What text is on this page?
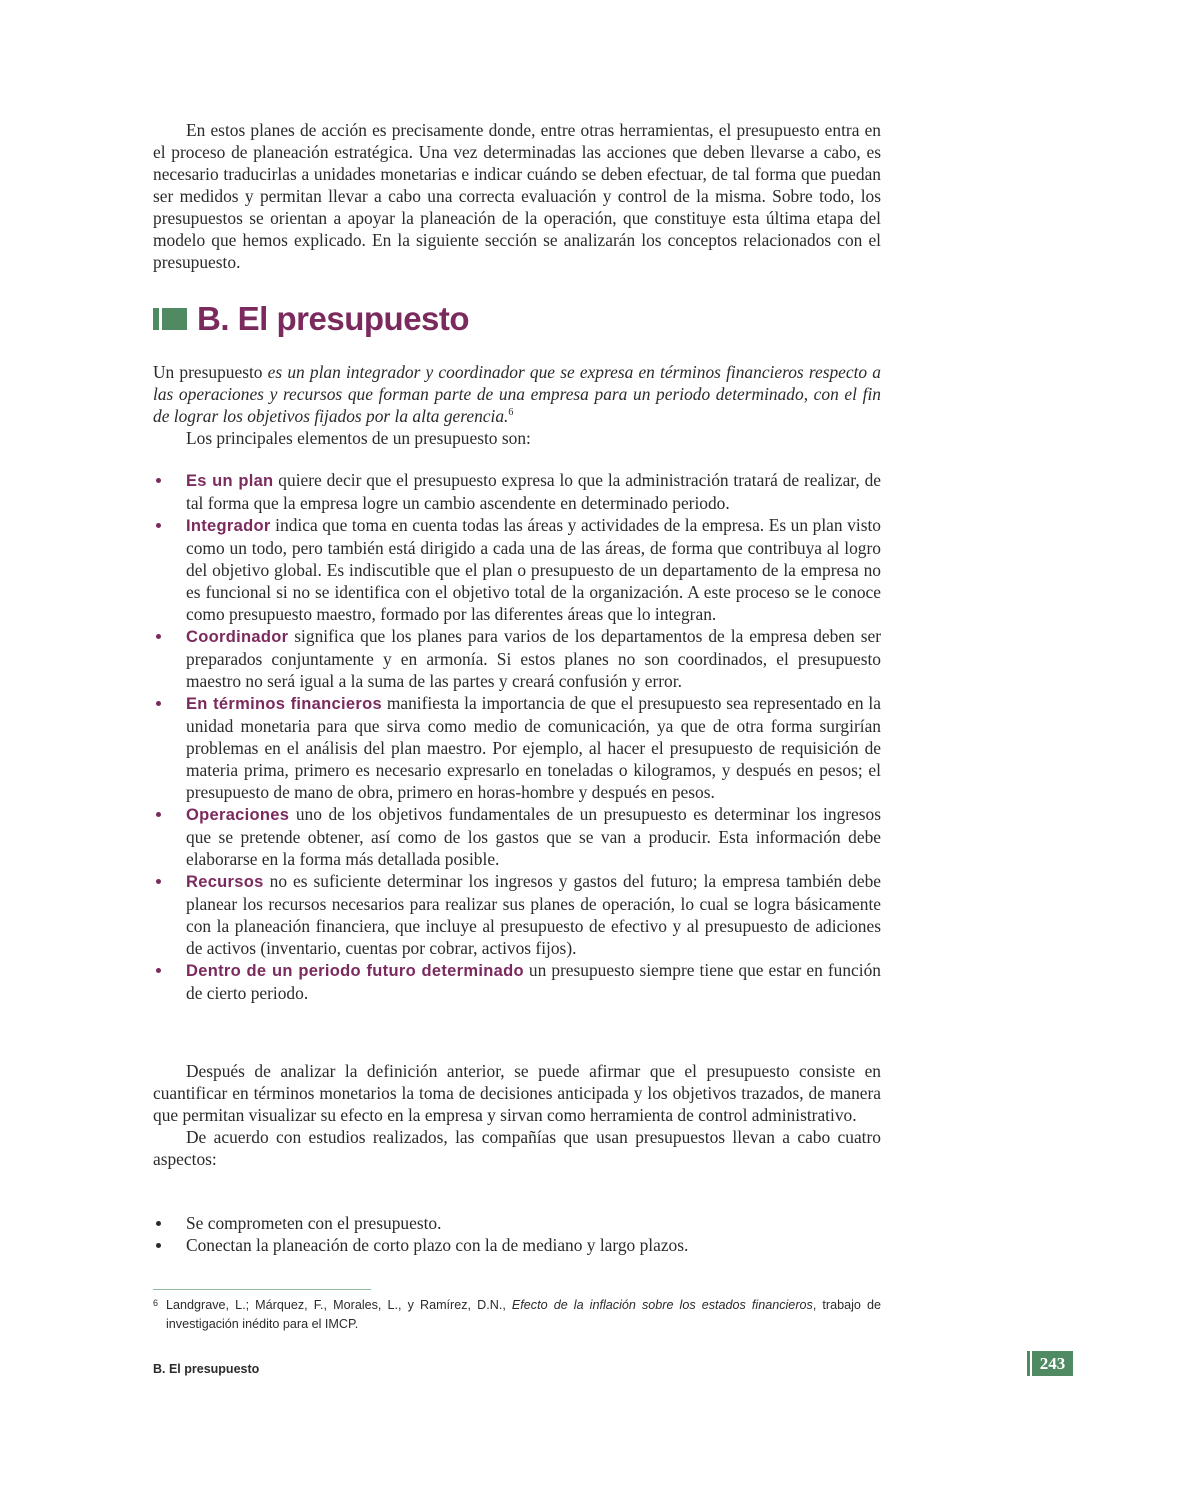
En estos planes de acción es precisamente donde, entre otras herramientas, el presupuesto entra en el proceso de planeación estratégica. Una vez determinadas las acciones que deben llevarse a cabo, es necesario traducirlas a unidades monetarias e indicar cuándo se deben efectuar, de tal forma que puedan ser medidos y permitan llevar a cabo una correcta evaluación y control de la misma. Sobre todo, los presupuestos se orientan a apoyar la planeación de la operación, que constituye esta última etapa del modelo que hemos explicado. En la siguiente sección se analizarán los conceptos relacionados con el presupuesto.

B. El presupuesto

Un presupuesto es un plan integrador y coordinador que se expresa en términos financieros respecto a las operaciones y recursos que forman parte de una empresa para un periodo determinado, con el fin de lograr los objetivos fijados por la alta gerencia.$^6$

Los principales elementos de un presupuesto son:

Es un plan quiere decir que el presupuesto expresa lo que la administración tratará de realizar, de tal forma que la empresa logre un cambio ascendente en determinado periodo.
Integrador indica que toma en cuenta todas las áreas y actividades de la empresa. Es un plan visto como un todo, pero también está dirigido a cada una de las áreas, de forma que contribuya al logro del objetivo global. Es indiscutible que el plan o presupuesto de un departamento de la empresa no es funcional si no se identifica con el objetivo total de la organización. A este proceso se le conoce como presupuesto maestro, formado por las diferentes áreas que lo integran.
Coordinador significa que los planes para varios de los departamentos de la empresa deben ser preparados conjuntamente y en armonía. Si estos planes no son coordinados, el presupuesto maestro no será igual a la suma de las partes y creará confusión y error.
En términos financieros manifiesta la importancia de que el presupuesto sea representado en la unidad monetaria para que sirva como medio de comunicación, ya que de otra forma surgirían problemas en el análisis del plan maestro. Por ejemplo, al hacer el presupuesto de requisición de materia prima, primero es necesario expresarlo en toneladas o kilogramos, y después en pesos; el presupuesto de mano de obra, primero en horas-hombre y después en pesos.
Operaciones uno de los objetivos fundamentales de un presupuesto es determinar los ingresos que se pretende obtener, así como de los gastos que se van a producir. Esta información debe elaborarse en la forma más detallada posible.
Recursos no es suficiente determinar los ingresos y gastos del futuro; la empresa también debe planear los recursos necesarios para realizar sus planes de operación, lo cual se logra básicamente con la planeación financiera, que incluye al presupuesto de efectivo y al presupuesto de adiciones de activos (inventario, cuentas por cobrar, activos fijos).
Dentro de un periodo futuro determinado un presupuesto siempre tiene que estar en función de cierto periodo.

Después de analizar la definición anterior, se puede afirmar que el presupuesto consiste en cuantificar en términos monetarios la toma de decisiones anticipada y los objetivos trazados, de manera que permitan visualizar su efecto en la empresa y sirvan como herramienta de control administrativo.

De acuerdo con estudios realizados, las compañías que usan presupuestos llevan a cabo cuatro aspectos:

Se comprometen con el presupuesto.
Conectan la planeación de corto plazo con la de mediano y largo plazos.
6 Landgrave, L.; Márquez, F., Morales, L., y Ramírez, D.N., Efecto de la inflación sobre los estados financieros, trabajo de investigación inédito para el IMCP.
B. El presupuesto	243
